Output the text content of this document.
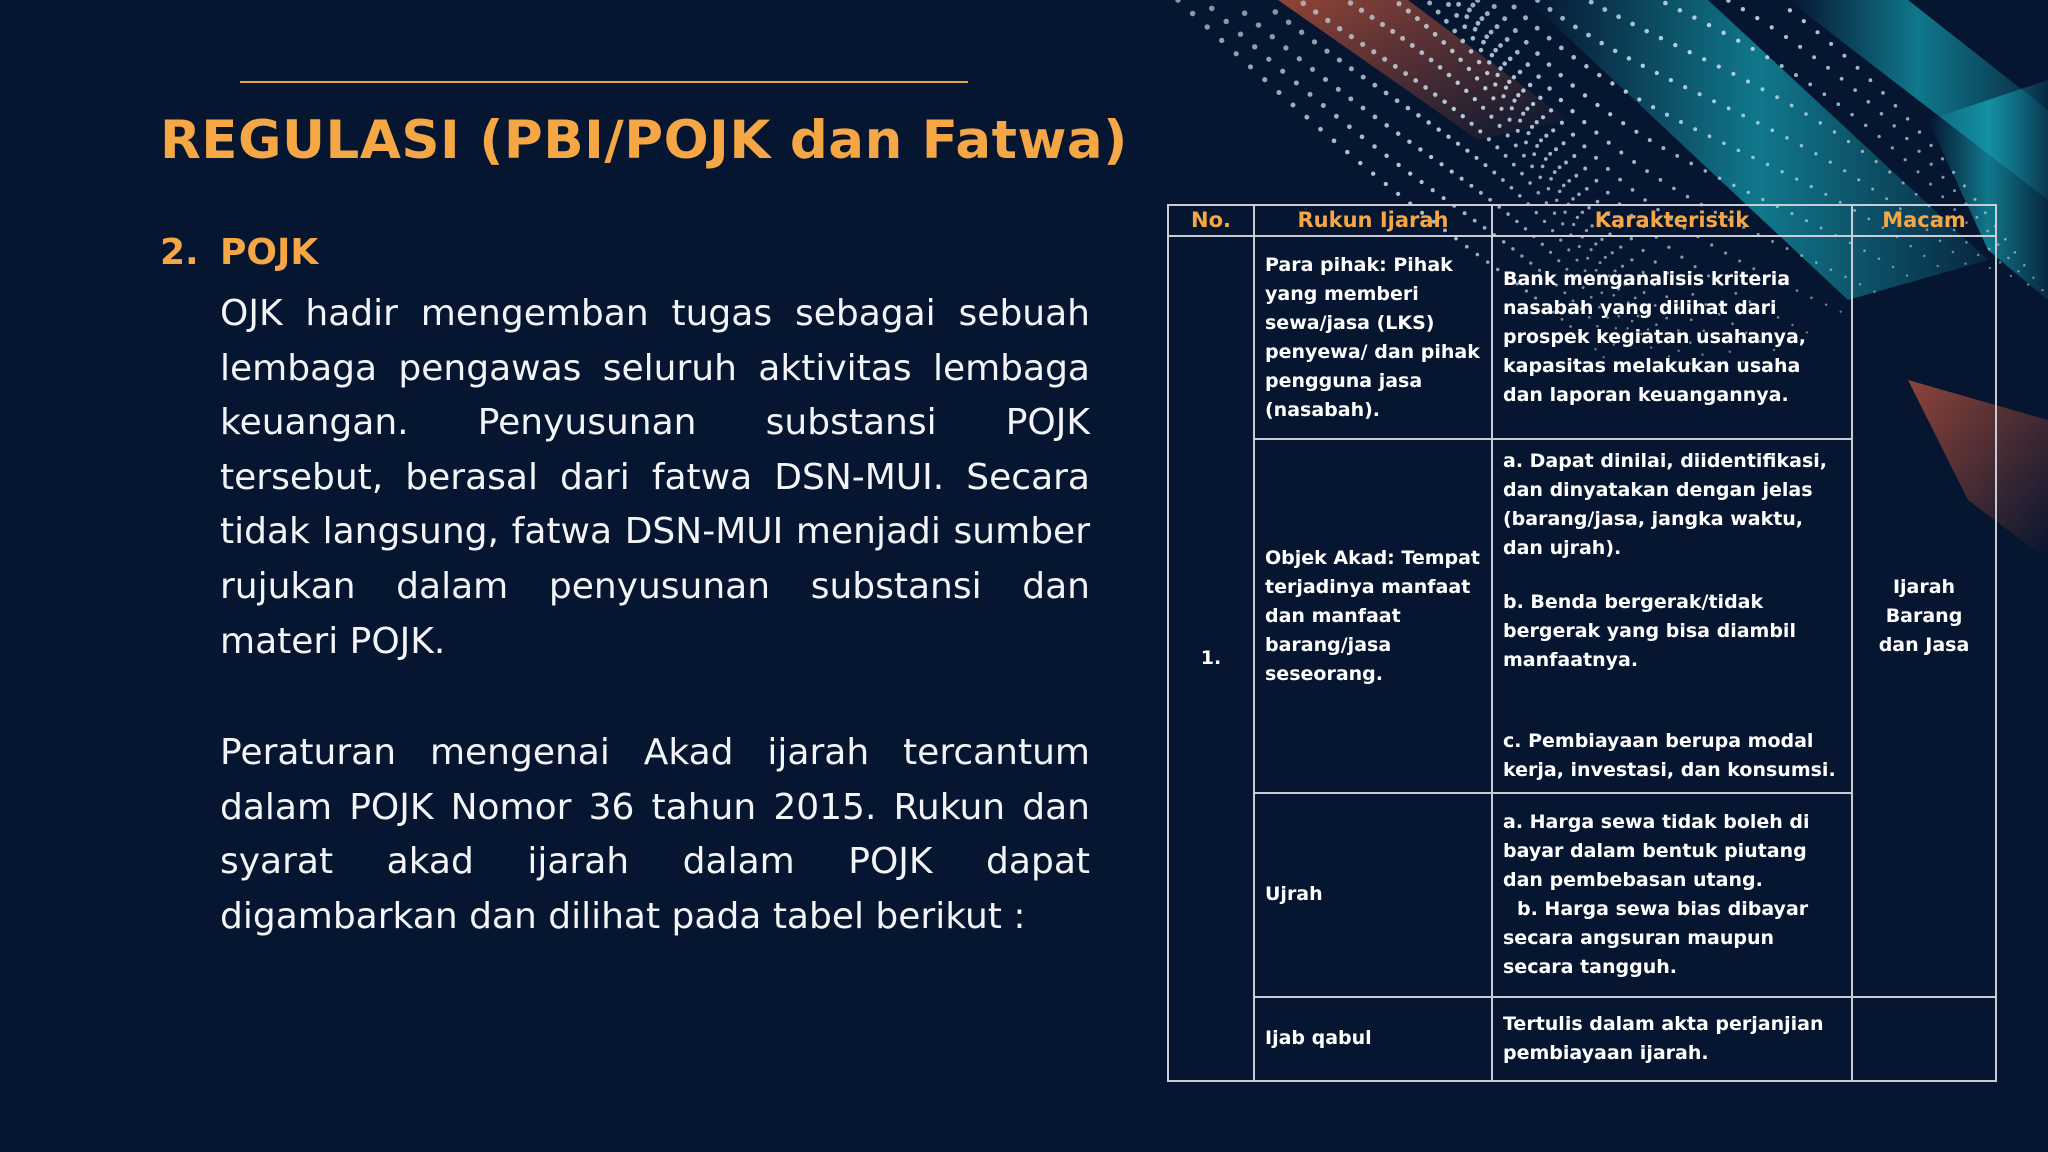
REGULASI (PBI/POJK dan Fatwa)
2. POJK
OJK hadir mengemban tugas sebagai sebuah lembaga pengawas seluruh aktivitas lembaga keuangan. Penyusunan substansi POJK tersebut, berasal dari fatwa DSN-MUI. Secara tidak langsung, fatwa DSN-MUI menjadi sumber rujukan dalam penyusunan substansi dan materi POJK.
Peraturan mengenai Akad ijarah tercantum dalam POJK Nomor 36 tahun 2015. Rukun dan syarat akad ijarah dalam POJK dapat digambarkan dan dilihat pada tabel berikut :
No.	Rukun Ijarah	Karakteristik	Macam
1.	Para pihak: Pihak yang memberi sewa/jasa (LKS) penyewa/ dan pihak pengguna jasa (nasabah).	Bank menganalisis kriteria nasabah yang dilihat dari prospek kegiatan usahanya, kapasitas melakukan usaha dan laporan keuangannya.	Ijarah Barang dan Jasa
	Objek Akad: Tempat terjadinya manfaat dan manfaat barang/jasa seseorang.	a. Dapat dinilai, diidentifikasi, dan dinyatakan dengan jelas (barang/jasa, jangka waktu, dan ujrah).
b. Benda bergerak/tidak bergerak yang bisa diambil manfaatnya.
c. Pembiayaan berupa modal kerja, investasi, dan konsumsi.	

	Ujrah	a. Harga sewa tidak boleh di bayar dalam bentuk piutang dan pembebasan utang.
b. Harga sewa bias dibayar secara angsuran maupun secara tangguh.	

	Ijab qabul	Tertulis dalam akta perjanjian pembiayaan ijarah.	
